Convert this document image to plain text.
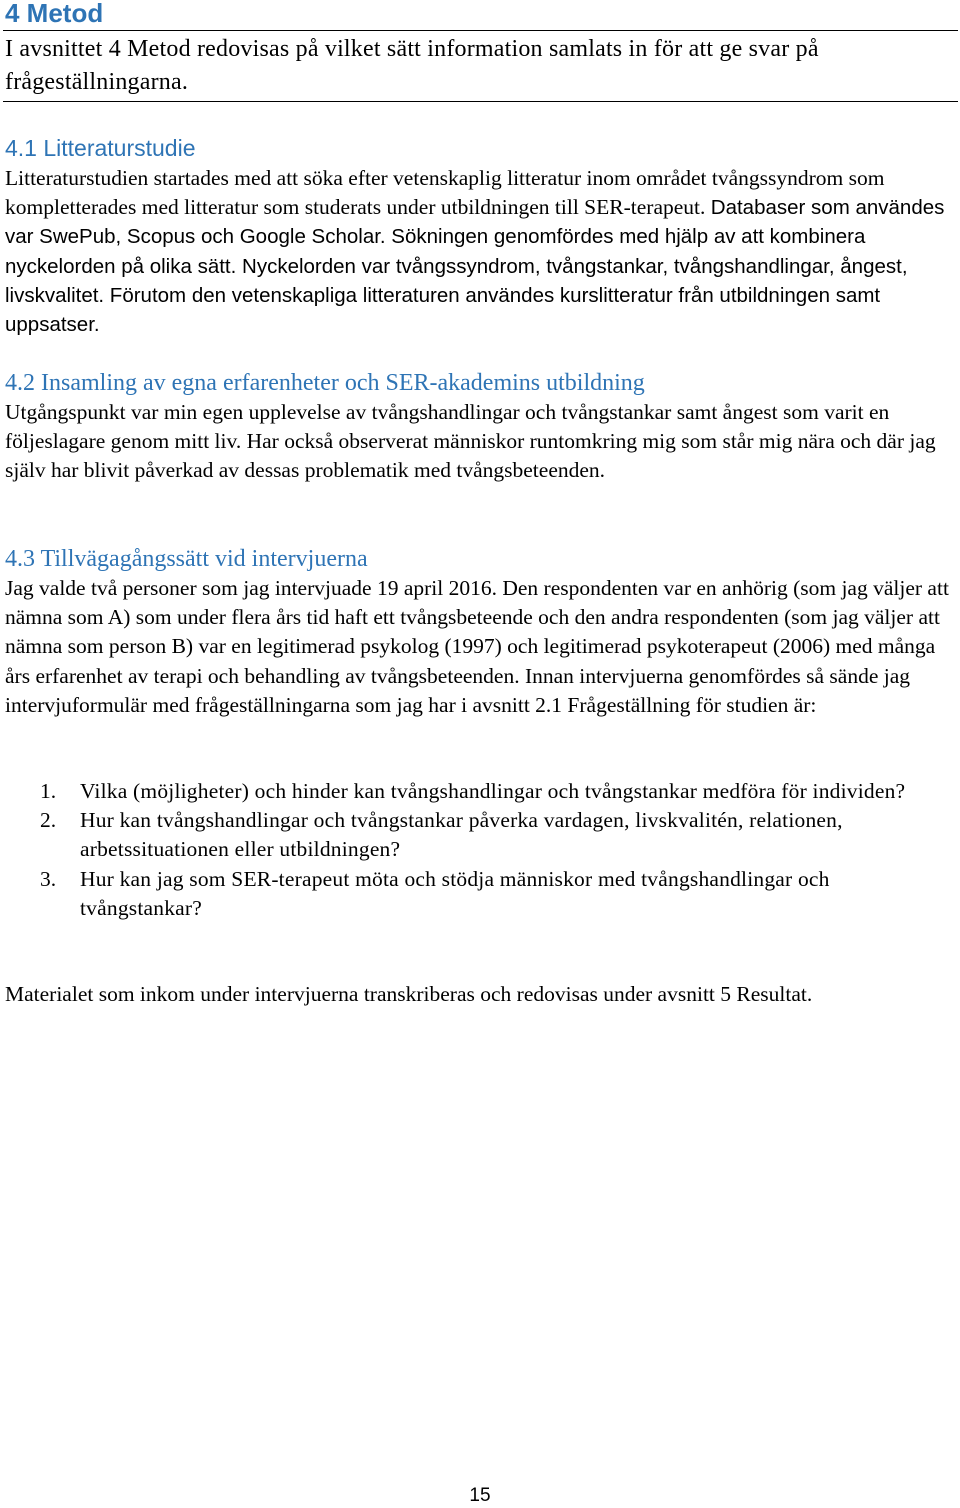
4 Metod

I avsnittet 4 Metod redovisas på vilket sätt information samlats in för att ge svar på frågeställningarna.

4.1 Litteraturstudie

Litteraturstudien startades med att söka efter vetenskaplig litteratur inom området tvångssyndrom som kompletterades med litteratur som studerats under utbildningen till SER-terapeut. Databaser som användes var SwePub, Scopus och Google Scholar. Sökningen genomfördes med hjälp av att kombinera nyckelorden på olika sätt. Nyckelorden var tvångssyndrom, tvångstankar, tvångshandlingar, ångest, livskvalitet. Förutom den vetenskapliga litteraturen användes kurslitteratur från utbildningen samt uppsatser.

4.2 Insamling av egna erfarenheter och SER-akademins utbildning

Utgångspunkt var min egen upplevelse av tvångshandlingar och tvångstankar samt ångest som varit en följeslagare genom mitt liv. Har också observerat människor runtomkring mig som står mig nära och där jag själv har blivit påverkad av dessas problematik med tvångsbeteenden.

4.3 Tillvägagångssätt vid intervjuerna

Jag valde två personer som jag intervjuade 19 april 2016. Den respondenten var en anhörig (som jag väljer att nämna som A) som under flera års tid haft ett tvångsbeteende och den andra respondenten (som jag väljer att nämna som person B) var en legitimerad psykolog (1997) och legitimerad psykoterapeut (2006) med många års erfarenhet av terapi och behandling av tvångsbeteenden. Innan intervjuerna genomfördes så sände jag intervjuformulär med frågeställningarna som jag har i avsnitt 2.1 Frågeställning för studien är:

1.	Vilka (möjligheter) och hinder kan tvångshandlingar och tvångstankar medföra för individen?
2.	Hur kan tvångshandlingar och tvångstankar påverka vardagen, livskvalitén, relationen, arbetssituationen eller utbildningen?
3.	Hur kan jag som SER-terapeut möta och stödja människor med tvångshandlingar och tvångstankar?

Materialet som inkom under intervjuerna transkriberas och redovisas under avsnitt 5 Resultat.

15
